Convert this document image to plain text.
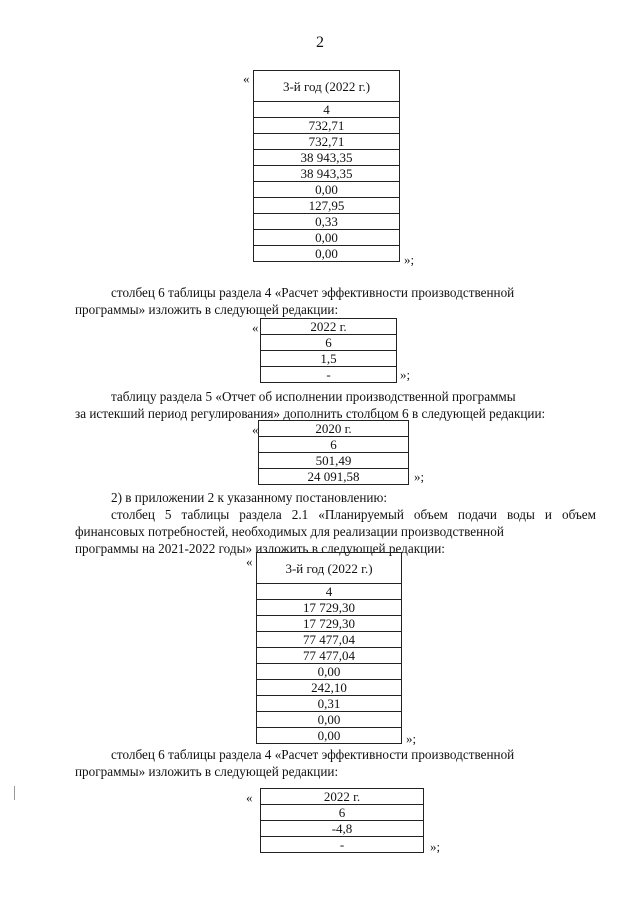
2
«	3-й год (2022 г.)
4
732,71
732,71
38 943,35
38 943,35
0,00
127,95
0,33
0,00
0,00	»;
столбец 6 таблицы раздела 4 «Расчет эффективности производственной
программы» изложить в следующей редакции:
«	2022 г.
6
1,5
-	»;
таблицу раздела 5 «Отчет об исполнении производственной программы
за истекший период регулирования» дополнить столбцом 6 в следующей редакции:
«	2020 г.
6
501,49
24 091,58	»;
2) в приложении 2 к указанному постановлению:
столбец 5 таблицы раздела 2.1 «Планируемый объем подачи воды и объем финансовых потребностей, необходимых для реализации производственной
программы на 2021-2022 годы» изложить в следующей редакции:
«	3-й год (2022 г.)
4
17 729,30
17 729,30
77 477,04
77 477,04
0,00
242,10
0,31
0,00
0,00	»;
столбец 6 таблицы раздела 4 «Расчет эффективности производственной
программы» изложить в следующей редакции:
«	2022 г.
6
-4,8
-	»;
